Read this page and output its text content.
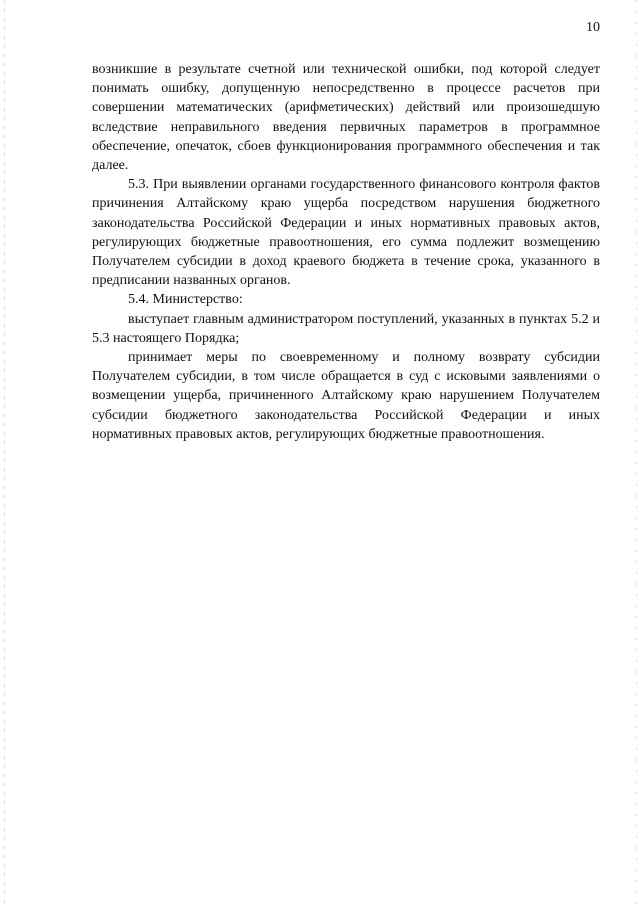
10

возникшие в результате счетной или технической ошибки, под которой следует понимать ошибку, допущенную непосредственно в процессе расчетов при совершении математических (арифметических) действий или произошедшую вследствие неправильного введения первичных параметров в программное обеспечение, опечаток, сбоев функционирования программного обеспечения и так далее.

5.3. При выявлении органами государственного финансового контроля фактов причинения Алтайскому краю ущерба посредством нарушения бюджетного законодательства Российской Федерации и иных нормативных правовых актов, регулирующих бюджетные правоотношения, его сумма подлежит возмещению Получателем субсидии в доход краевого бюджета в течение срока, указанного в предписании названных органов.

5.4. Министерство:

выступает главным администратором поступлений, указанных в пунктах 5.2 и 5.3 настоящего Порядка;

принимает меры по своевременному и полному возврату субсидии Получателем субсидии, в том числе обращается в суд с исковыми заявлениями о возмещении ущерба, причиненного Алтайскому краю нарушением Получателем субсидии бюджетного законодательства Российской Федерации и иных нормативных правовых актов, регулирующих бюджетные правоотношения.
